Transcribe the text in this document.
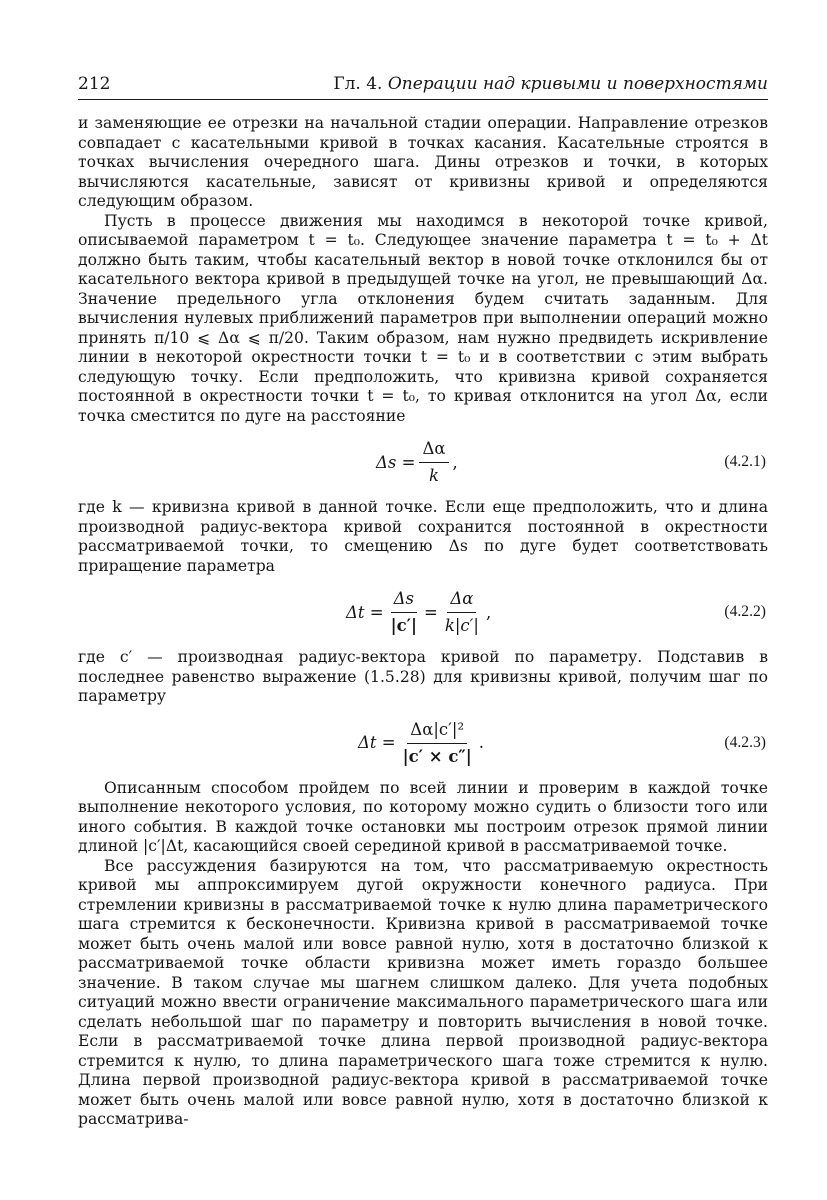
212	Гл. 4. Операции над кривыми и поверхностями

и заменяющие ее отрезки на начальной стадии операции. Направление отрезков совпадает с касательными кривой в точках касания. Касательные строятся в точках вычисления очередного шага. Дины отрезков и точки, в которых вычисляются касательные, зависят от кривизны кривой и определяются следующим образом.

Пусть в процессе движения мы находимся в некоторой точке кривой, описываемой параметром t = t₀. Следующее значение параметра t = t₀ + Δt должно быть таким, чтобы касательный вектор в новой точке отклонился бы от касательного вектора кривой в предыдущей точке на угол, не превышающий Δα. Значение предельного угла отклонения будем считать заданным. Для вычисления нулевых приближений параметров при выполнении операций можно принять π/10 ⩽ Δα ⩽ π/20. Таким образом, нам нужно предвидеть искривление линии в некоторой окрестности точки t = t₀ и в соответствии с этим выбрать следующую точку. Если предположить, что кривизна кривой сохраняется постоянной в окрестности точки t = t₀, то кривая отклонится на угол Δα, если точка сместится по дуге на расстояние

$\Delta s = \frac{\Delta\alpha}{k}$ ,	(4.2.1)

где k — кривизна кривой в данной точке. Если еще предположить, что и длина производной радиус-вектора кривой сохранится постоянной в окрестности рассматриваемой точки, то смещению Δs по дуге будет соответствовать приращение параметра

$\Delta t = \frac{\Delta s}{|c'|} = \frac{\Delta\alpha}{k|c'|}$ ,	(4.2.2)

где c′ — производная радиус-вектора кривой по параметру. Подставив в последнее равенство выражение (1.5.28) для кривизны кривой, получим шаг по параметру

$\Delta t = \frac{\text{Δα|c′|²}}{|c' \times c''|}$ .	(4.2.3)

Описанным способом пройдем по всей линии и проверим в каждой точке выполнение некоторого условия, по которому можно судить о близости того или иного события. В каждой точке остановки мы построим отрезок прямой линии длиной |c′|Δt, касающийся своей серединой кривой в рассматриваемой точке.

Все рассуждения базируются на том, что рассматриваемую окрестность кривой мы аппроксимируем дугой окружности конечного радиуса. При стремлении кривизны в рассматриваемой точке к нулю длина параметрического шага стремится к бесконечности. Кривизна кривой в рассматриваемой точке может быть очень малой или вовсе равной нулю, хотя в достаточно близкой к рассматриваемой точке области кривизна может иметь гораздо большее значение. В таком случае мы шагнем слишком далеко. Для учета подобных ситуаций можно ввести ограничение максимального параметрического шага или сделать небольшой шаг по параметру и повторить вычисления в новой точке. Если в рассматриваемой точке длина первой производной радиус-вектора стремится к нулю, то длина параметрического шага тоже стремится к нулю. Длина первой производной радиус-вектора кривой в рассматриваемой точке может быть очень малой или вовсе равной нулю, хотя в достаточно близкой к рассматрива-
